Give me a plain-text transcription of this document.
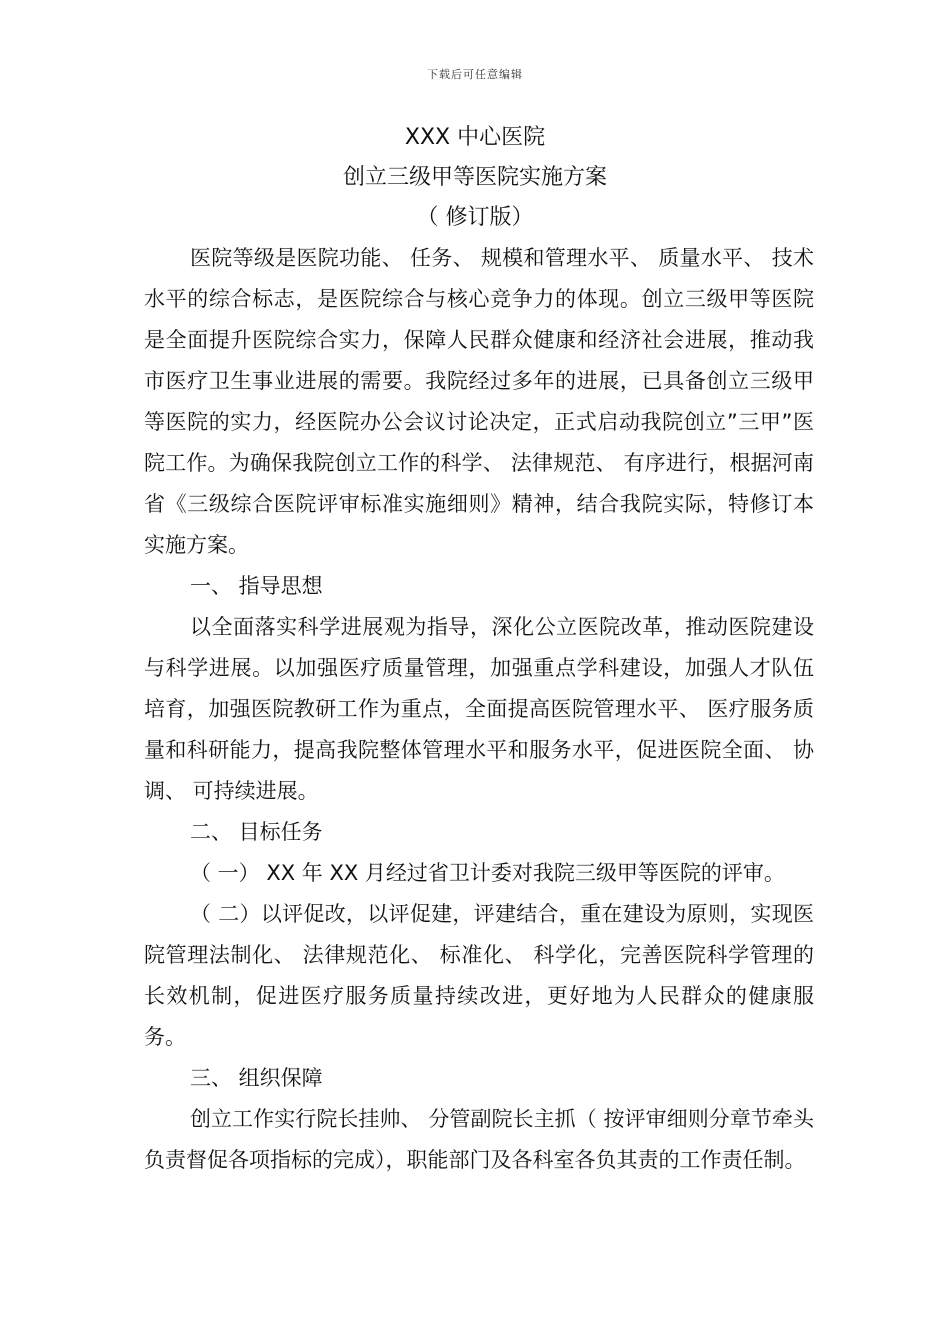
下载后可任意编辑
XXX 中心医院
创立三级甲等医院实施方案
（ 修订版）

医院等级是医院功能、 任务、 规模和管理水平、 质量水平、 技术水平的综合标志，是医院综合与核心竞争力的体现。创立三级甲等医院是全面提升医院综合实力，保障人民群众健康和经济社会进展，推动我市医疗卫生事业进展的需要。我院经过多年的进展，已具备创立三级甲等医院的实力，经医院办公会议讨论决定，正式启动我院创立”三甲”医院工作。为确保我院创立工作的科学、 法律规范、 有序进行，根据河南省《三级综合医院评审标准实施细则》精神，结合我院实际，特修订本实施方案。

一、 指导思想

以全面落实科学进展观为指导，深化公立医院改革，推动医院建设与科学进展。以加强医疗质量管理，加强重点学科建设，加强人才队伍培育，加强医院教研工作为重点，全面提高医院管理水平、 医疗服务质量和科研能力，提高我院整体管理水平和服务水平，促进医院全面、 协调、 可持续进展。

二、 目标任务

（ 一） XX 年 XX 月经过省卫计委对我院三级甲等医院的评审。

（ 二）以评促改，以评促建，评建结合，重在建设为原则，实现医院管理法制化、 法律规范化、 标准化、 科学化，完善医院科学管理的长效机制，促进医疗服务质量持续改进，更好地为人民群众的健康服务。

三、 组织保障

创立工作实行院长挂帅、 分管副院长主抓（ 按评审细则分章节牵头负责督促各项指标的完成），职能部门及各科室各负其责的工作责任制。
